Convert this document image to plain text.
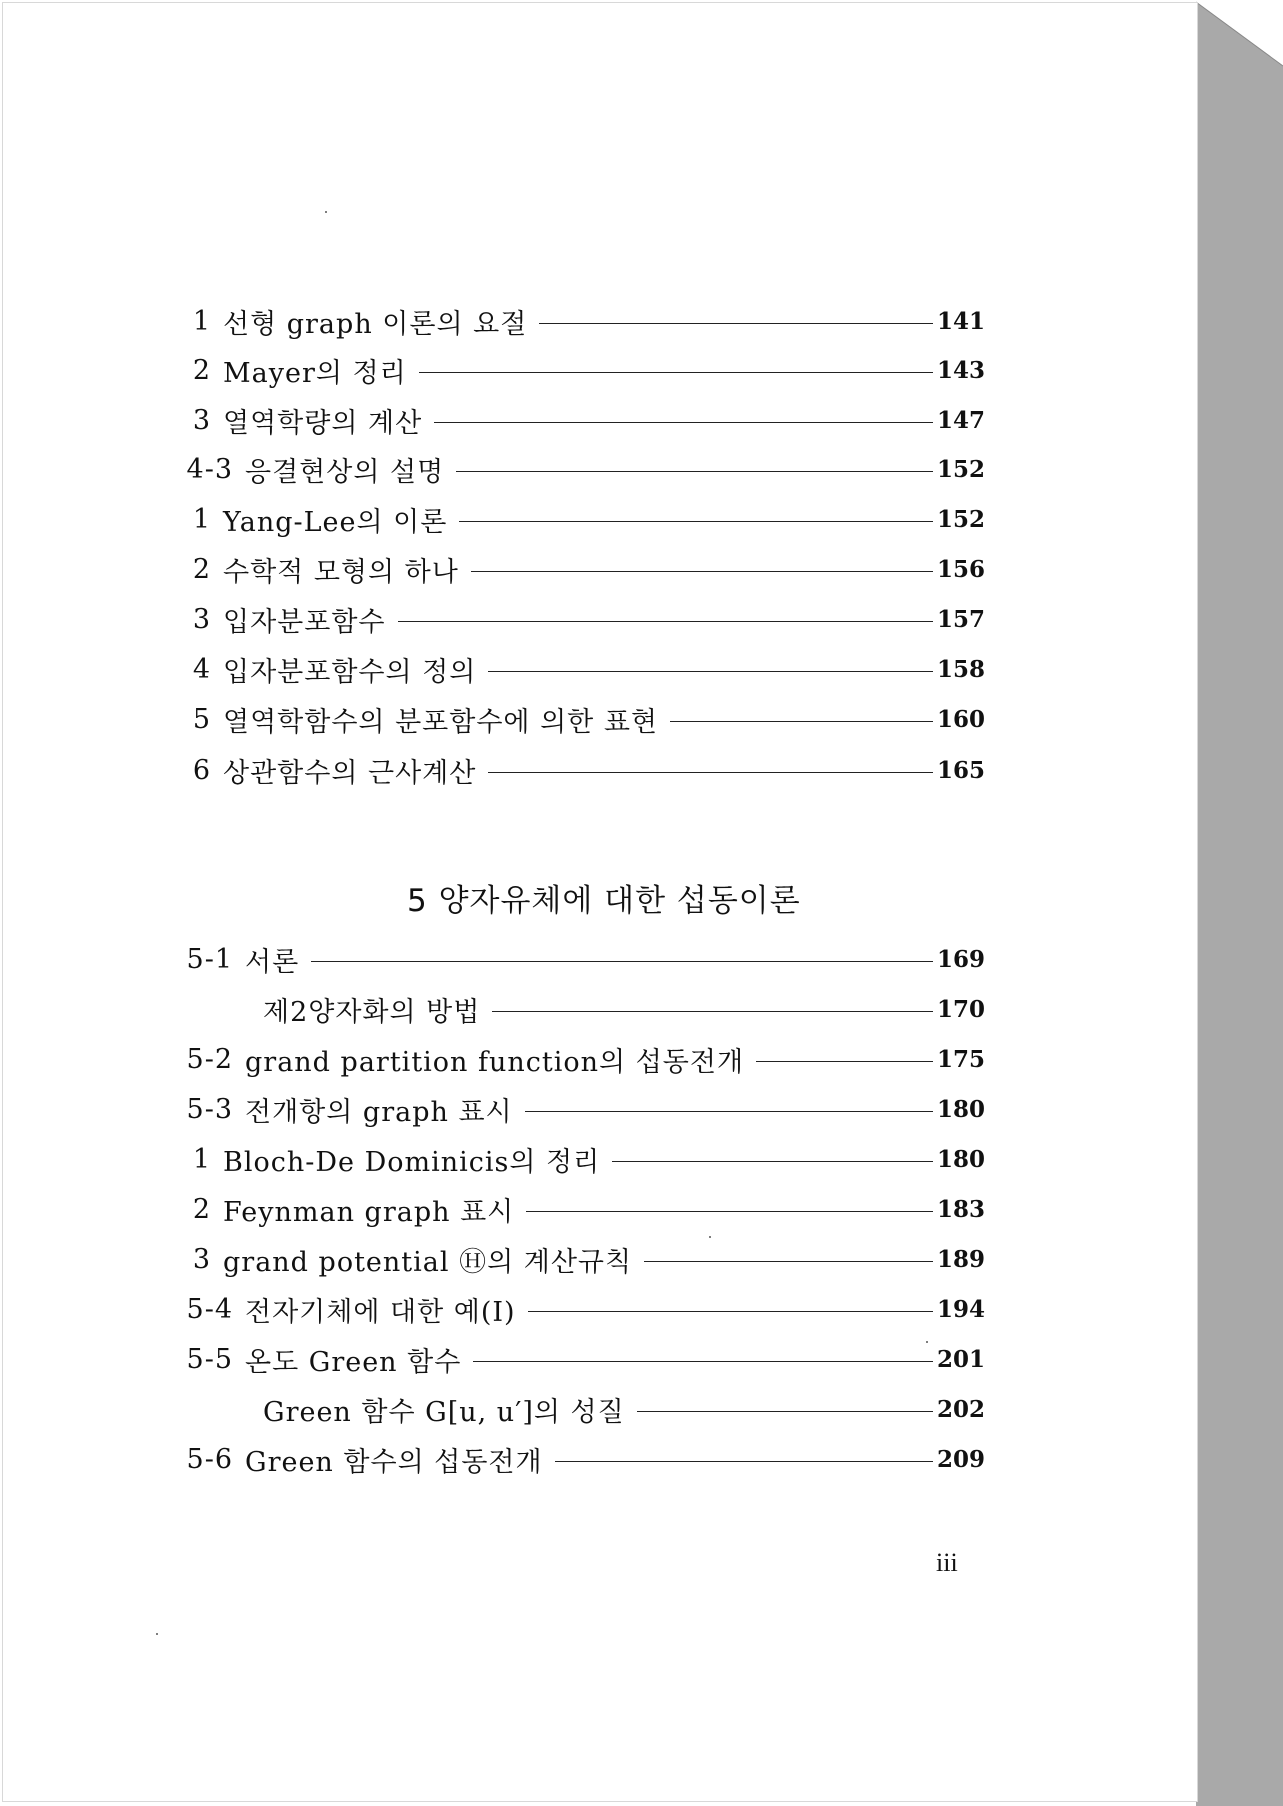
1 선형 graph 이론의 요절	141
2 Mayer의 정리	143
3 열역학량의 계산	147
4-3 응결현상의 설명	152
1 Yang-Lee의 이론	152
2 수학적 모형의 하나	156
3 입자분포함수	157
4 입자분포함수의 정의	158
5 열역학함수의 분포함수에 의한 표현	160
6 상관함수의 근사계산	165
5 양자유체에 대한 섭동이론
5-1 서론	169
제2양자화의 방법	170
5-2 grand partition function의 섭동전개	175
5-3 전개항의 graph 표시	180
1 Bloch-De Dominicis의 정리	180
2 Feynman graph 표시	183
3 grand potential Ⓗ의 계산규칙	189
5-4 전자기체에 대한 예(Ⅰ)	194
5-5 온도 Green 함수	201
Green 함수 G[u, u′]의 성질	202
5-6 Green 함수의 섭동전개	209
iii
